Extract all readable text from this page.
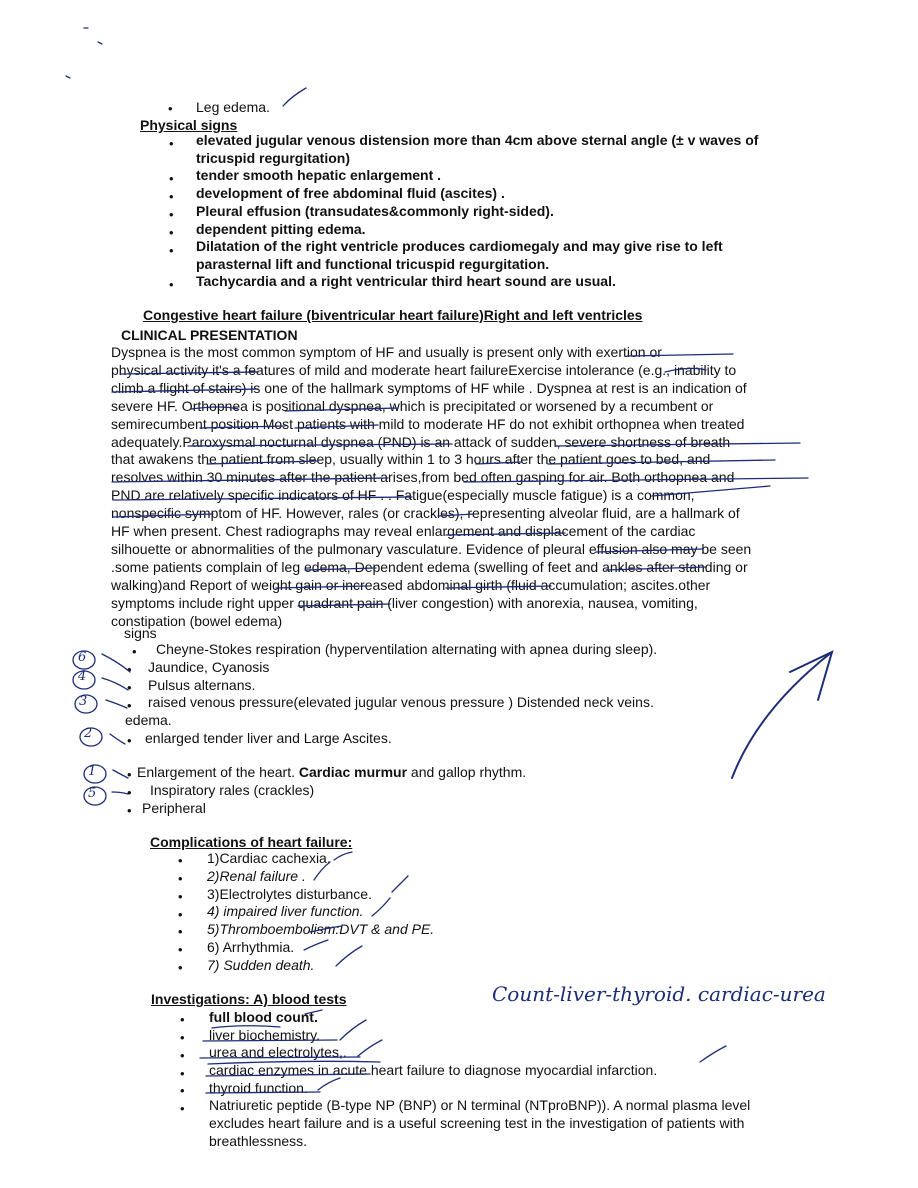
• Leg edema.
Physical signs
• elevated jugular venous distension more than 4cm above sternal angle (± v waves of
tricuspid regurgitation)
• tender smooth hepatic enlargement .
• development of free abdominal fluid (ascites) .
• Pleural effusion (transudates&commonly right-sided).
• dependent pitting edema.
• Dilatation of the right ventricle produces cardiomegaly and may give rise to left
parasternal lift and functional tricuspid regurgitation.
• Tachycardia and a right ventricular third heart sound are usual.
Congestive heart failure (biventricular heart failure)Right and left ventricles
CLINICAL PRESENTATION
Dyspnea is the most common symptom of HF and usually is present only with exertion or
physical activity it's a features of mild and moderate heart failureExercise intolerance (e.g., inability to
climb a flight of stairs) is one of the hallmark symptoms of HF while . Dyspnea at rest is an indication of
severe HF. Orthopnea is positional dyspnea, which is precipitated or worsened by a recumbent or
semirecumbent position Most patients with mild to moderate HF do not exhibit orthopnea when treated
adequately.Paroxysmal nocturnal dyspnea (PND) is an attack of sudden, severe shortness of breath
that awakens the patient from sleep, usually within 1 to 3 hours after the patient goes to bed, and
resolves within 30 minutes after the patient arises,from bed often gasping for air. Both orthopnea and
PND are relatively specific indicators of HF . . Fatigue(especially muscle fatigue) is a common,
nonspecific symptom of HF. However, rales (or crackles), representing alveolar fluid, are a hallmark of
HF when present. Chest radiographs may reveal enlargement and displacement of the cardiac
silhouette or abnormalities of the pulmonary vasculature. Evidence of pleural effusion also may be seen
.some patients complain of leg edema, Dependent edema (swelling of feet and ankles after standing or
walking)and Report of weight gain or increased abdominal girth (fluid accumulation; ascites.other
symptoms include right upper quadrant pain (liver congestion) with anorexia, nausea, vomiting,
constipation (bowel edema)
signs
• Cheyne-Stokes respiration (hyperventilation alternating with apnea during sleep).
• Jaundice, Cyanosis
• Pulsus alternans.
• raised venous pressure(elevated jugular venous pressure ) Distended neck veins.
edema.
• enlarged tender liver and Large Ascites.
• Enlargement of the heart. Cardiac murmur and gallop rhythm.
• Inspiratory rales (crackles)
• Peripheral
Complications of heart failure:
• 1)Cardiac cachexia.
• 2)Renal failure .
• 3)Electrolytes disturbance.
• 4) impaired liver function.
• 5)Thromboembolism:DVT & and PE.
• 6) Arrhythmia.
• 7) Sudden death.
Investigations: A) blood tests
• full blood count.
• liver biochemistry.
• urea and electrolytes,.
• cardiac enzymes in acute heart failure to diagnose myocardial infarction.
• thyroid function.
• Natriuretic peptide (B-type NP (BNP) or N terminal (NTproBNP)). A normal plasma level
excludes heart failure and is a useful screening test in the investigation of patients with
breathlessness.
Count-liver-thyroid. cardiac-urea
6
4
3
2
1
5
